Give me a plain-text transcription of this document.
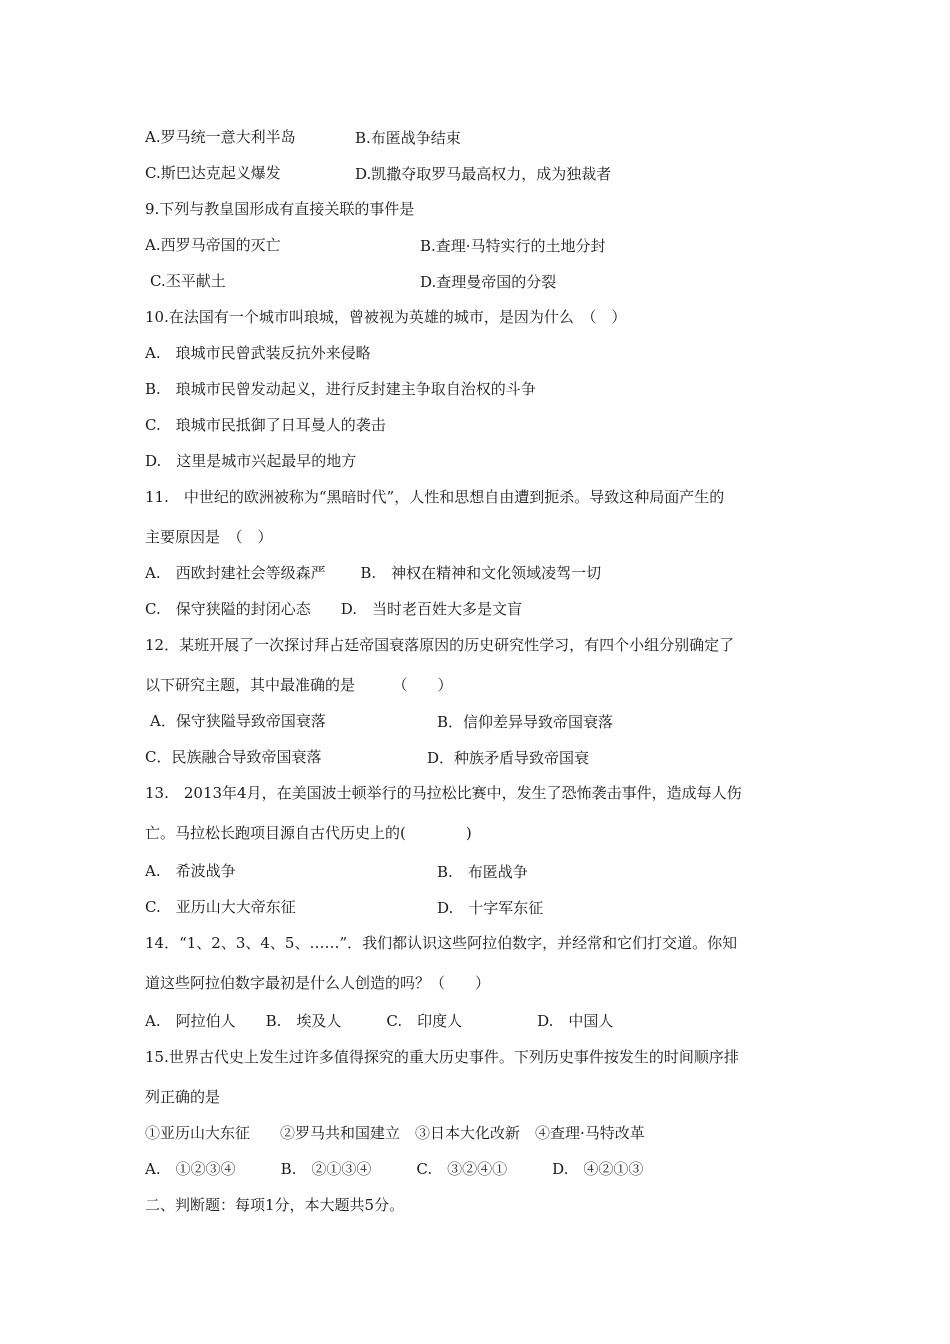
A.罗马统一意大利半岛	B.布匿战争结束
C.斯巴达克起义爆发	D.凯撒夺取罗马最高权力，成为独裁者
9.下列与教皇国形成有直接关联的事件是
A.西罗马帝国的灭亡	B.查理·马特实行的土地分封
C.丕平献土	D.查理曼帝国的分裂
10.在法国有一个城市叫琅城，曾被视为英雄的城市，是因为什么　（　）
A.　琅城市民曾武装反抗外来侵略
B.　琅城市民曾发动起义，进行反封建主争取自治权的斗争
C.　琅城市民抵御了日耳曼人的袭击
D.　这里是城市兴起最早的地方
11.　中世纪的欧洲被称为“黑暗时代”，人性和思想自由遭到扼杀。导致这种局面产生的
主要原因是　（　）
A.　西欧封建社会等级森严　　 B.　神权在精神和文化领域凌驾一切
C.　保守狭隘的封闭心态　　D.　当时老百姓大多是文盲
12．某班开展了一次探讨拜占廷帝国衰落原因的历史研究性学习，有四个小组分别确定了
以下研究主题，其中最准确的是　　　（　　）
A．保守狭隘导致帝国衰落	B．信仰差异导致帝国衰落
C．民族融合导致帝国衰落	D．种族矛盾导致帝国衰
13.　2013年4月，在美国波士顿举行的马拉松比赛中，发生了恐怖袭击事件，造成每人伤
亡。马拉松长跑项目源自古代历史上的(　　　　)
A.　希波战争	B.　布匿战争
C.　亚历山大大帝东征	D.　十字军东征
14．“1、2、3、4、5、……”．我们都认识这些阿拉伯数字，并经常和它们打交道。你知
道这些阿拉伯数字最初是什么人创造的吗？（　　）
A.　阿拉伯人　　B.　埃及人　　　C.　印度人　　　　　D.　中国人
15.世界古代史上发生过许多值得探究的重大历史事件。下列历史事件按发生的时间顺序排
列正确的是
①亚历山大东征　　②罗马共和国建立　③日本大化改新　④查理·马特改革
A.　①②③④　　　B.　②①③④　　　C.　③②④①　　　D.　④②①③
二、判断题：每项1分，本大题共5分。
